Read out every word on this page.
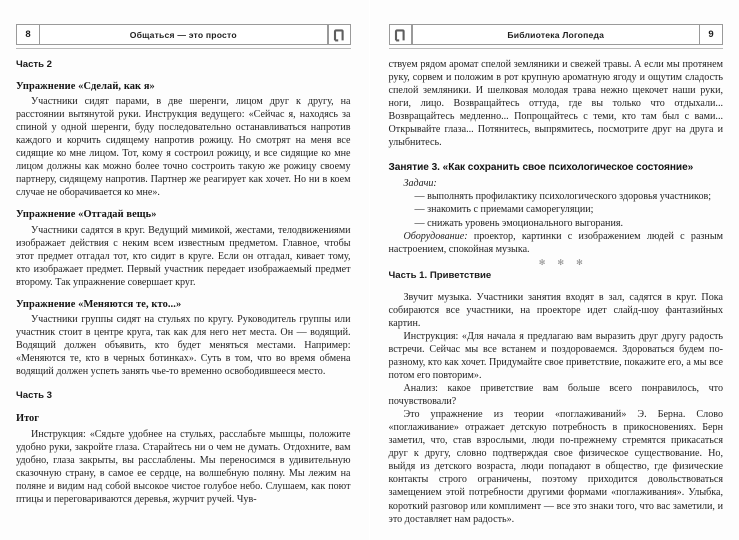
8	Общаться — это просто
Часть 2
Упражнение «Сделай, как я»

Участники сидят парами, в две шеренги, лицом друг к другу, на расстоянии вытянутой руки. Инструкция ведущего: «Сейчас я, находясь за спиной у одной шеренги, буду последовательно останавливаться напротив каждого и корчить сидящему напротив рожицу. Но смотрят на меня все сидящие ко мне лицом. Тот, кому я состроил рожицу, и все сидящие ко мне лицом должны как можно более точно состроить такую же рожицу своему партнеру, сидящему напротив. Партнер же реагирует как хочет. Но ни в коем случае не оборачивается ко мне».

Упражнение «Отгадай вещь»

Участники садятся в круг. Ведущий мимикой, жестами, телодвижениями изображает действия с неким всем известным предметом. Главное, чтобы этот предмет отгадал тот, кто сидит в круге. Если он отгадал, кивает тому, кто изображает предмет. Первый участник передает изображаемый предмет второму. Так упражнение совершает круг.

Упражнение «Меняются те, кто...»

Участники группы сидят на стульях по кругу. Руководитель группы или участник стоит в центре круга, так как для него нет места. Он — водящий. Водящий должен объявить, кто будет меняться местами. Например: «Меняются те, кто в черных ботинках». Суть в том, что во время обмена водящий должен успеть занять чье-то временно освободившееся место.

Часть 3
Итог

Инструкция: «Сядьте удобнее на стульях, расслабьте мышцы, положите удобно руки, закройте глаза. Старайтесь ни о чем не думать. Отдохните, вам удобно, глаза закрыты, вы расслаблены. Мы переносимся в удивительную сказочную страну, в самое ее сердце, на волшебную поляну. Мы лежим на поляне и видим над собой высокое чистое голубое небо. Слушаем, как поют птицы и переговариваются деревья, журчит ручей. Чув-

Библиотека Логопеда	9

ствуем рядом аромат спелой земляники и свежей травы. А если мы протянем руку, сорвем и положим в рот крупную ароматную ягоду и ощутим сладость спелой земляники. И шелковая молодая трава нежно щекочет наши руки, ноги, лицо. Возвращайтесь оттуда, где вы только что отдыхали... Возвращайтесь медленно... Попрощайтесь с теми, кто там был с вами... Открывайте глаза... Потянитесь, выпрямитесь, посмотрите друг на друга и улыбнитесь.

Занятие 3. «Как сохранить свое психологическое состояние»

Задачи:

— выполнять профилактику психологического здоровья участников;

— знакомить с приемами саморегуляции;

— снижать уровень эмоционального выгорания.

Оборудование: проектор, картинки с изображением людей с разным настроением, спокойная музыка.

✻ ✻ ✻

Часть 1. Приветствие

Звучит музыка. Участники занятия входят в зал, садятся в круг. Пока собираются все участники, на проекторе идет слайд-шоу фантазийных картин.

Инструкция: «Для начала я предлагаю вам выразить друг другу радость встречи. Сейчас мы все встанем и поздороваемся. Здороваться будем по-разному, кто как хочет. Придумайте свое приветствие, покажите его, а мы все потом его повторим».

Анализ: какое приветствие вам больше всего понравилось, что почувствовали?

Это упражнение из теории «поглаживаний» Э. Берна. Слово «поглаживание» отражает детскую потребность в прикосновениях. Берн заметил, что, став взрослыми, люди по-прежнему стремятся прикасаться друг к другу, словно подтверждая свое физическое существование. Но, выйдя из детского возраста, люди попадают в общество, где физические контакты строго ограничены, поэтому приходится довольствоваться замещением этой потребности другими формами «поглаживания». Улыбка, короткий разговор или комплимент — все это знаки того, что вас заметили, и это доставляет нам радость».
